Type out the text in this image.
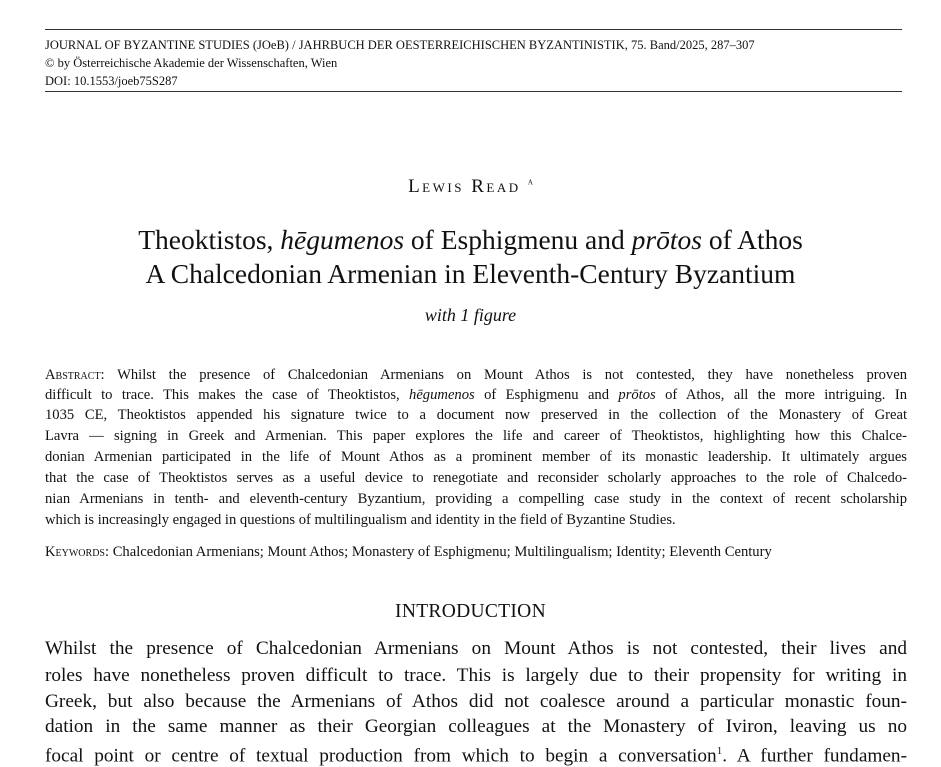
JOURNAL OF BYZANTINE STUDIES (JOeB) / JAHRBUCH DER OESTERREICHISCHEN BYZANTINISTIK, 75. Band/2025, 287–307
© by Österreichische Akademie der Wissenschaften, Wien
DOI: 10.1553/joeb75S287
Lewis Read $^a$
Theoktistos, hēgumenos of Esphigmenu and prōtos of Athos
A Chalcedonian Armenian in Eleventh-Century Byzantium
with 1 figure
Abstract: Whilst the presence of Chalcedonian Armenians on Mount Athos is not contested, they have nonetheless proven
difficult to trace. This makes the case of Theoktistos, hēgumenos of Esphigmenu and prōtos of Athos, all the more intriguing. In
1035 CE, Theoktistos appended his signature twice to a document now preserved in the collection of the Monastery of Great
Lavra — signing in Greek and Armenian. This paper explores the life and career of Theoktistos, highlighting how this Chalce-
donian Armenian participated in the life of Mount Athos as a prominent member of its monastic leadership. It ultimately argues
that the case of Theoktistos serves as a useful device to renegotiate and reconsider scholarly approaches to the role of Chalcedo-
nian Armenians in tenth- and eleventh-century Byzantium, providing a compelling case study in the context of recent scholarship
which is increasingly engaged in questions of multilingualism and identity in the field of Byzantine Studies.
Keywords: Chalcedonian Armenians; Mount Athos; Monastery of Esphigmenu; Multilingualism; Identity; Eleventh Century
INTRODUCTION
Whilst the presence of Chalcedonian Armenians on Mount Athos is not contested, their lives and
roles have nonetheless proven difficult to trace. This is largely due to their propensity for writing in
Greek, but also because the Armenians of Athos did not coalesce around a particular monastic foun-
dation in the same manner as their Georgian colleagues at the Monastery of Iviron, leaving us no
focal point or centre of textual production from which to begin a conversation$^1$. A further fundamen-
